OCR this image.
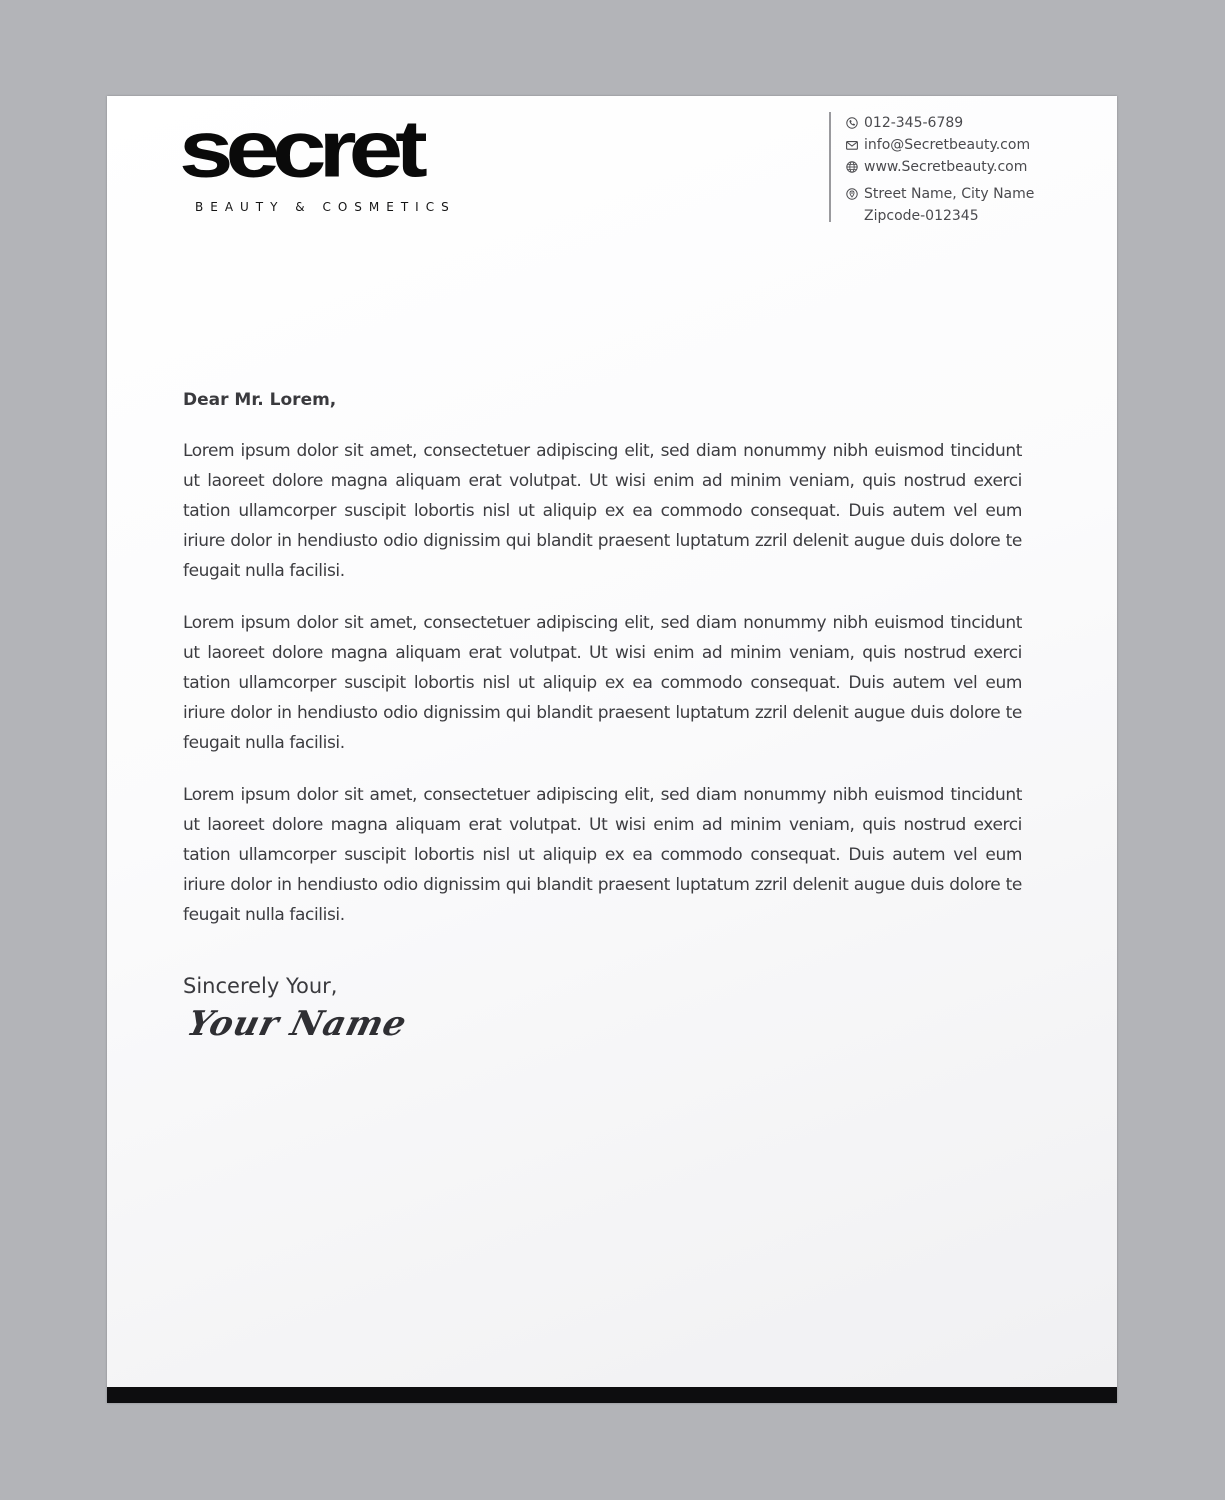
secret
BEAUTY & COSMETICS
012-345-6789
info@Secretbeauty.com
www.Secretbeauty.com
Street Name, City Name
Zipcode-012345

Dear Mr. Lorem,

Lorem ipsum dolor sit amet, consectetuer adipiscing elit, sed diam nonummy nibh euismod tincidunt ut laoreet dolore magna aliquam erat volutpat. Ut wisi enim ad minim veniam, quis nostrud exerci tation ullamcorper suscipit lobortis nisl ut aliquip ex ea commodo consequat. Duis autem vel eum iriure dolor in hendiusto odio dignissim qui blandit praesent luptatum zzril delenit augue duis dolore te feugait nulla facilisi.

Lorem ipsum dolor sit amet, consectetuer adipiscing elit, sed diam nonummy nibh euismod tincidunt ut laoreet dolore magna aliquam erat volutpat. Ut wisi enim ad minim veniam, quis nostrud exerci tation ullamcorper suscipit lobortis nisl ut aliquip ex ea commodo consequat. Duis autem vel eum iriure dolor in hendiusto odio dignissim qui blandit praesent luptatum zzril delenit augue duis dolore te feugait nulla facilisi.

Lorem ipsum dolor sit amet, consectetuer adipiscing elit, sed diam nonummy nibh euismod tincidunt ut laoreet dolore magna aliquam erat volutpat. Ut wisi enim ad minim veniam, quis nostrud exerci tation ullamcorper suscipit lobortis nisl ut aliquip ex ea commodo consequat. Duis autem vel eum iriure dolor in hendiusto odio dignissim qui blandit praesent luptatum zzril delenit augue duis dolore te feugait nulla facilisi.

Sincerely Your,
Your Name
